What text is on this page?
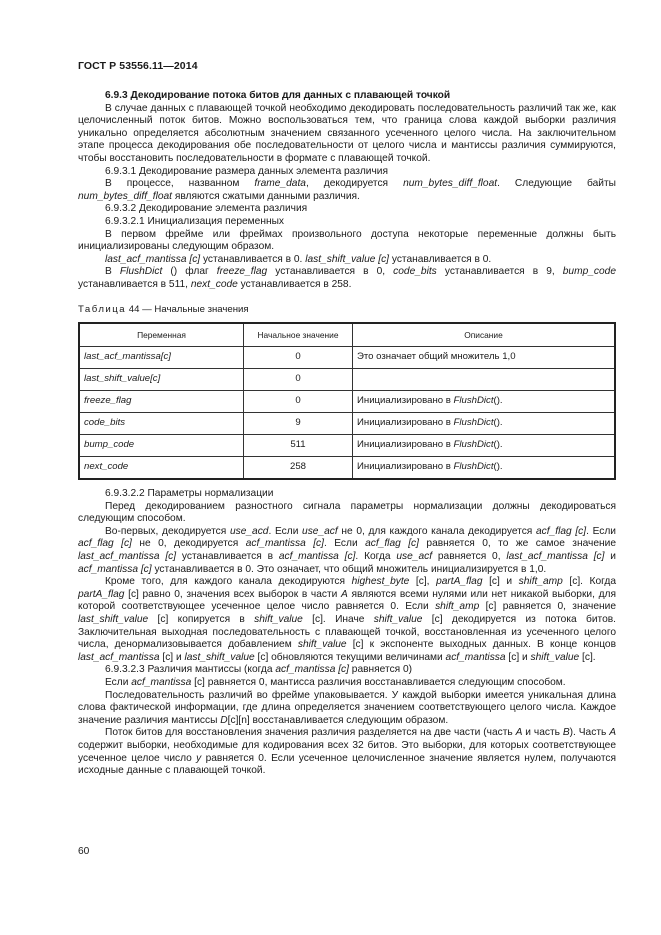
ГОСТ Р 53556.11—2014

6.9.3 Декодирование потока битов для данных с плавающей точкой

В случае данных с плавающей точкой необходимо декодировать последовательность различий так же, как целочисленный поток битов. Можно воспользоваться тем, что граница слова каждой выборки различия уникально определяется абсолютным значением связанного усеченного целого числа. На заключительном этапе процесса декодирования обе последовательности от целого числа и мантиссы различия суммируются, чтобы восстановить последовательности в формате с плавающей точкой.

6.9.3.1 Декодирование размера данных элемента различия

В процессе, названном frame_data, декодируется num_bytes_diff_float. Следующие байты num_bytes_diff_float являются сжатыми данными различия.

6.9.3.2 Декодирование элемента различия

6.9.3.2.1 Инициализация переменных

В первом фрейме или фреймах произвольного доступа некоторые переменные должны быть инициализированы следующим образом.

last_acf_mantissa [c] устанавливается в 0. last_shift_value [c] устанавливается в 0.

В FlushDict () флаг freeze_flag устанавливается в 0, code_bits устанавливается в 9, bump_code устанавливается в 511, next_code устанавливается в 258.

Таблица 44 — Начальные значения

Переменная	Начальное значение	Описание
last_acf_mantissa[c]	0	Это означает общий множитель 1,0
last_shift_value[c]	0	
freeze_flag	0	Инициализировано в FlushDict().
code_bits	9	Инициализировано в FlushDict().
bump_code	511	Инициализировано в FlushDict().
next_code	258	Инициализировано в FlushDict().

6.9.3.2.2 Параметры нормализации

Перед декодированием разностного сигнала параметры нормализации должны декодироваться следующим способом.

Во-первых, декодируется use_acd. Если use_acf не 0, для каждого канала декодируется acf_flag [c]. Если acf_flag [c] не 0, декодируется acf_mantissa [c]. Если acf_flag [c] равняется 0, то же самое значение last_acf_mantissa [c] устанавливается в acf_mantissa [c]. Когда use_acf равняется 0, last_acf_mantissa [c] и acf_mantissa [c] устанавливается в 0. Это означает, что общий множитель инициализируется в 1,0.

Кроме того, для каждого канала декодируются highest_byte [c], partA_flag [c] и shift_amp [c]. Когда partA_flag [c] равно 0, значения всех выборок в части A являются всеми нулями или нет никакой выборки, для которой соответствующее усеченное целое число равняется 0. Если shift_amp [c] равняется 0, значение last_shift_value [c] копируется в shift_value [c]. Иначе shift_value [c] декодируется из потока битов. Заключительная выходная последовательность с плавающей точкой, восстановленная из усеченного целого числа, денормализовывается добавлением shift_value [c] к экспоненте выходных данных. В конце концов last_acf_mantissa [c] и last_shift_value [c] обновляются текущими величинами acf_mantissa [c] и shift_value [c].

6.9.3.2.3 Различия мантиссы (когда acf_mantissa [c] равняется 0)

Если acf_mantissa [c] равняется 0, мантисса различия восстанавливается следующим способом.

Последовательность различий во фрейме упаковывается. У каждой выборки имеется уникальная длина слова фактической информации, где длина определяется значением соответствующего целого числа. Каждое значение различия мантиссы D[c][n] восстанавливается следующим образом.

Поток битов для восстановления значения различия разделяется на две части (часть A и часть B). Часть A содержит выборки, необходимые для кодирования всех 32 битов. Это выборки, для которых соответствующее усеченное целое число y равняется 0. Если усеченное целочисленное значение является нулем, получаются исходные данные с плавающей точкой.

60
